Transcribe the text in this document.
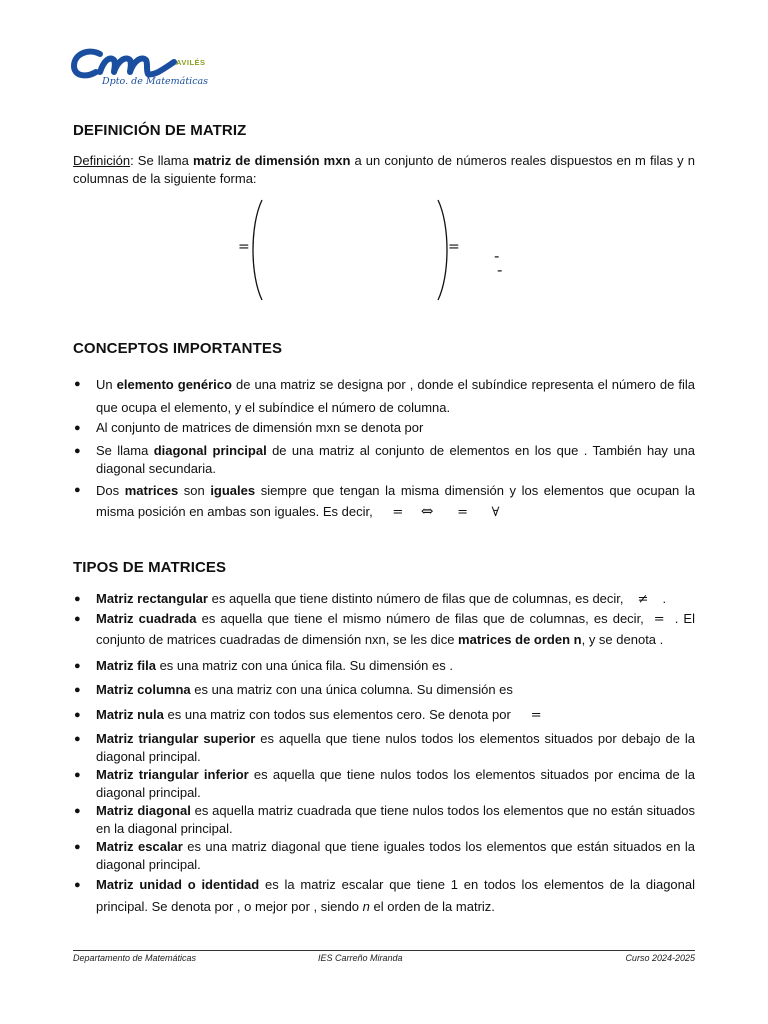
AVILÉS
Dpto. de Matemáticas
DEFINICIÓN DE MATRIZ

Definición: Se llama matriz de dimensión mxn a un conjunto de números reales dispuestos en m filas y n columnas de la siguiente forma:

=	= -
-
CONCEPTOS IMPORTANTES
● Un elemento genérico de una matriz se designa por , donde el subíndice representa el número de fila que ocupa el elemento, y el subíndice el número de columna.
● Al conjunto de matrices de dimensión mxn se denota por
● Se llama diagonal principal de una matriz al conjunto de elementos en los que . También hay una diagonal secundaria.
● Dos matrices son iguales siempre que tengan la misma dimensión y los elementos que ocupan la misma posición en ambas son iguales. Es decir, = ⇔ = ∀
TIPOS DE MATRICES
● Matriz rectangular es aquella que tiene distinto número de filas que de columnas, es decir, ≠ .
● Matriz cuadrada es aquella que tiene el mismo número de filas que de columnas, es decir, = . El conjunto de matrices cuadradas de dimensión nxn, se les dice matrices de orden n, y se denota .
● Matriz fila es una matriz con una única fila. Su dimensión es .
● Matriz columna es una matriz con una única columna. Su dimensión es
● Matriz nula es una matriz con todos sus elementos cero. Se denota por =
● Matriz triangular superior es aquella que tiene nulos todos los elementos situados por debajo de la diagonal principal.
● Matriz triangular inferior es aquella que tiene nulos todos los elementos situados por encima de la diagonal principal.
● Matriz diagonal es aquella matriz cuadrada que tiene nulos todos los elementos que no están situados en la diagonal principal.
● Matriz escalar es una matriz diagonal que tiene iguales todos los elementos que están situados en la diagonal principal.
● Matriz unidad o identidad es la matriz escalar que tiene 1 en todos los elementos de la diagonal principal. Se denota por , o mejor por , siendo n el orden de la matriz.
Departamento de Matemáticas	IES Carreño Miranda	Curso 2024-2025
